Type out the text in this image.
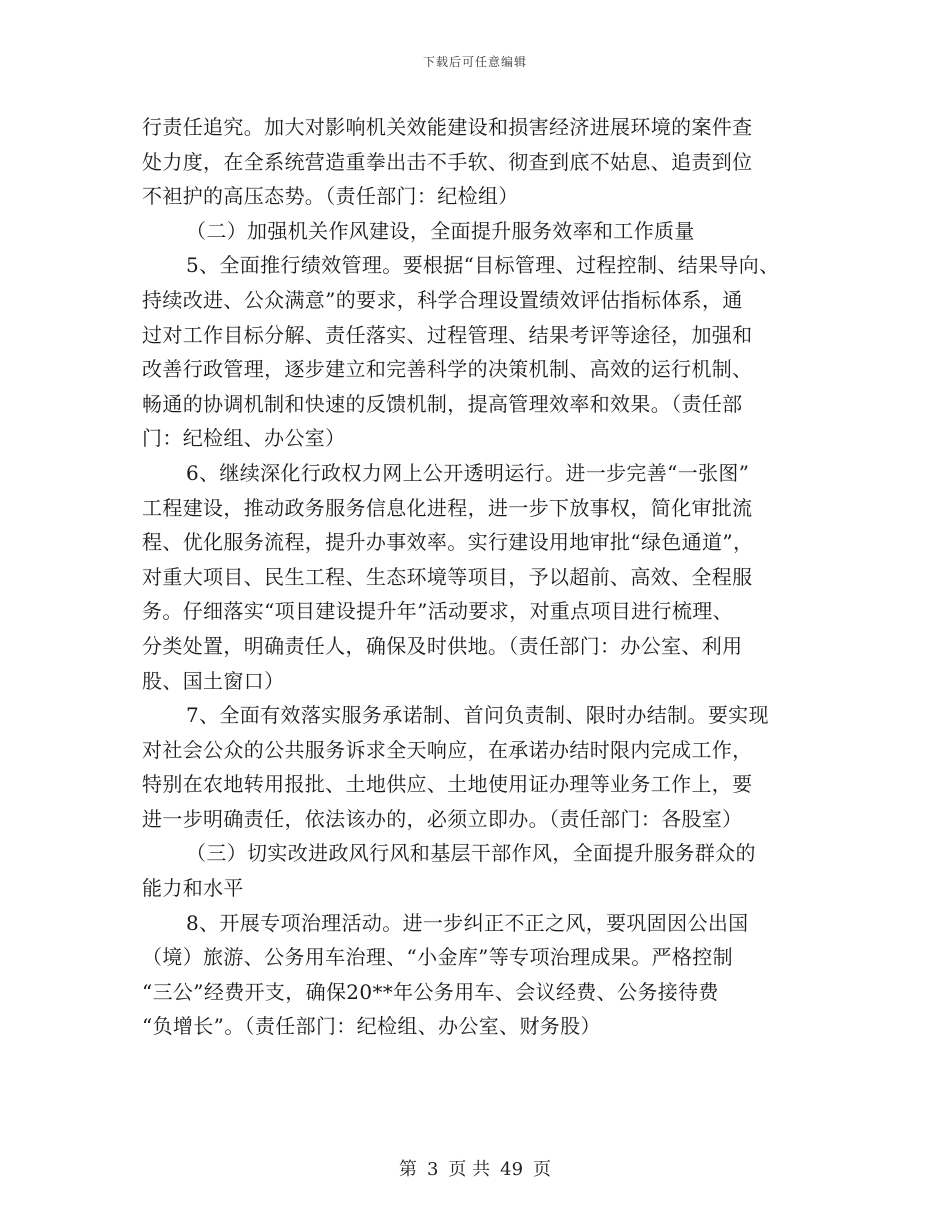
下载后可任意编辑
行责任追究。加大对影响机关效能建设和损害经济进展环境的案件查
处力度，在全系统营造重拳出击不手软、彻查到底不姑息、追责到位
不袒护的高压态势。（责任部门：纪检组）
（二）加强机关作风建设，全面提升服务效率和工作质量
5、全面推行绩效管理。要根据“目标管理、过程控制、结果导向、
持续改进、公众满意”的要求，科学合理设置绩效评估指标体系，通
过对工作目标分解、责任落实、过程管理、结果考评等途径，加强和
改善行政管理，逐步建立和完善科学的决策机制、高效的运行机制、
畅通的协调机制和快速的反馈机制，提高管理效率和效果。（责任部
门：纪检组、办公室）
6、继续深化行政权力网上公开透明运行。进一步完善“一张图”
工程建设，推动政务服务信息化进程，进一步下放事权，简化审批流
程、优化服务流程，提升办事效率。实行建设用地审批“绿色通道”，
对重大项目、民生工程、生态环境等项目，予以超前、高效、全程服
务。仔细落实“项目建设提升年”活动要求，对重点项目进行梳理、
分类处置，明确责任人，确保及时供地。（责任部门：办公室、利用
股、国土窗口）
7、全面有效落实服务承诺制、首问负责制、限时办结制。要实现
对社会公众的公共服务诉求全天响应，在承诺办结时限内完成工作，
特别在农地转用报批、土地供应、土地使用证办理等业务工作上，要
进一步明确责任，依法该办的，必须立即办。（责任部门：各股室）
（三）切实改进政风行风和基层干部作风，全面提升服务群众的
能力和水平
8、开展专项治理活动。进一步纠正不正之风，要巩固因公出国
（境）旅游、公务用车治理、“小金库”等专项治理成果。严格控制
“三公”经费开支，确保20**年公务用车、会议经费、公务接待费
“负增长”。（责任部门：纪检组、办公室、财务股）
第 3 页 共 49 页
